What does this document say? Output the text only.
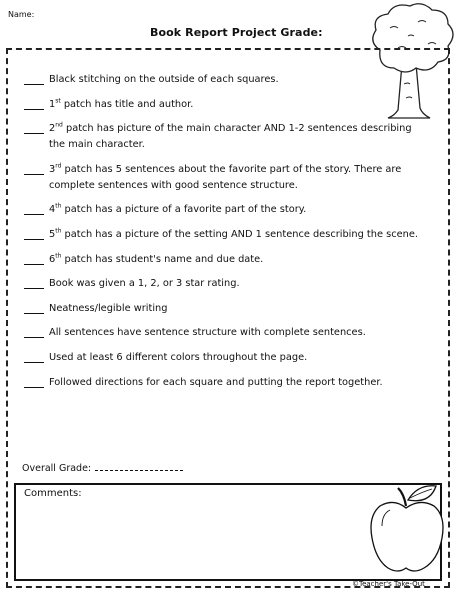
Name:
Book Report Project Grade:
Black stitching on the outside of each squares.
1st patch has title and author.
2nd patch has picture of the main character AND 1-2 sentences describing the main character.
3rd patch has 5 sentences about the favorite part of the story. There are complete sentences with good sentence structure.
4th patch has a picture of a favorite part of the story.
5th patch has a picture of the setting AND 1 sentence describing the scene.
6th patch has student's name and due date.
Book was given a 1, 2, or 3 star rating.
Neatness/legible writing
All sentences have sentence structure with complete sentences.
Used at least 6 different colors throughout the page.
Followed directions for each square and putting the report together.
Overall Grade:
Comments:
©Teacher's Take-Out
